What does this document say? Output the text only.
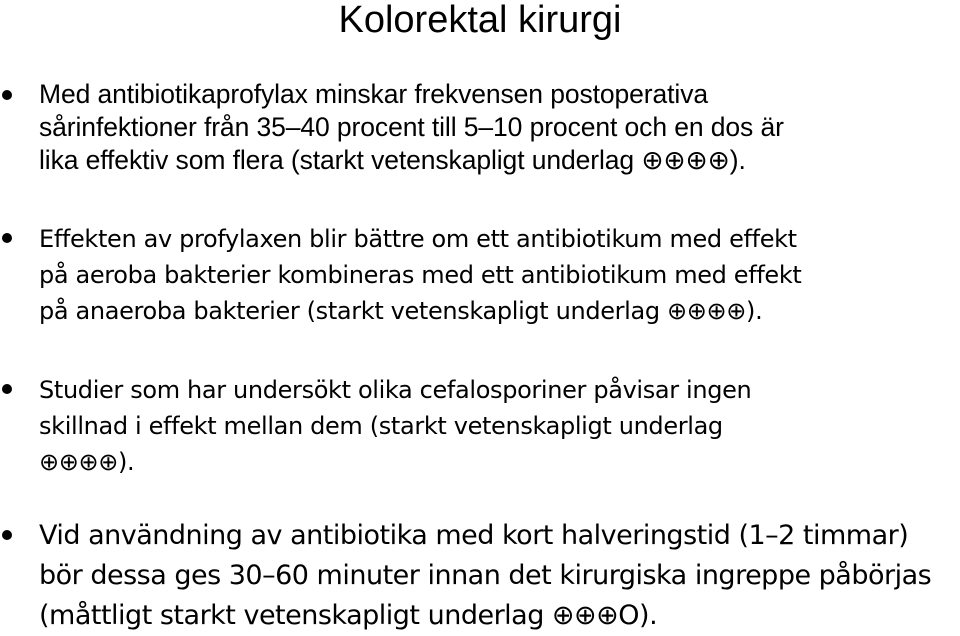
Kolorektal kirurgi
Med antibiotikaprofylax minskar frekvensen postoperativa
sårinfektioner från 35–40 procent till 5–10 procent och en dos är
lika effektiv som flera (starkt vetenskapligt underlag ⊕⊕⊕⊕).
Effekten av profylaxen blir bättre om ett antibiotikum med effekt
på aeroba bakterier kombineras med ett antibiotikum med effekt
på anaeroba bakterier (starkt vetenskapligt underlag ⊕⊕⊕⊕).
Studier som har undersökt olika cefalosporiner påvisar ingen
skillnad i effekt mellan dem (starkt vetenskapligt underlag
⊕⊕⊕⊕).
Vid användning av antibiotika med kort halveringstid (1–2 timmar)
bör dessa ges 30–60 minuter innan det kirurgiska ingreppe påbörjas
(måttligt starkt vetenskapligt underlag ⊕⊕⊕O).
